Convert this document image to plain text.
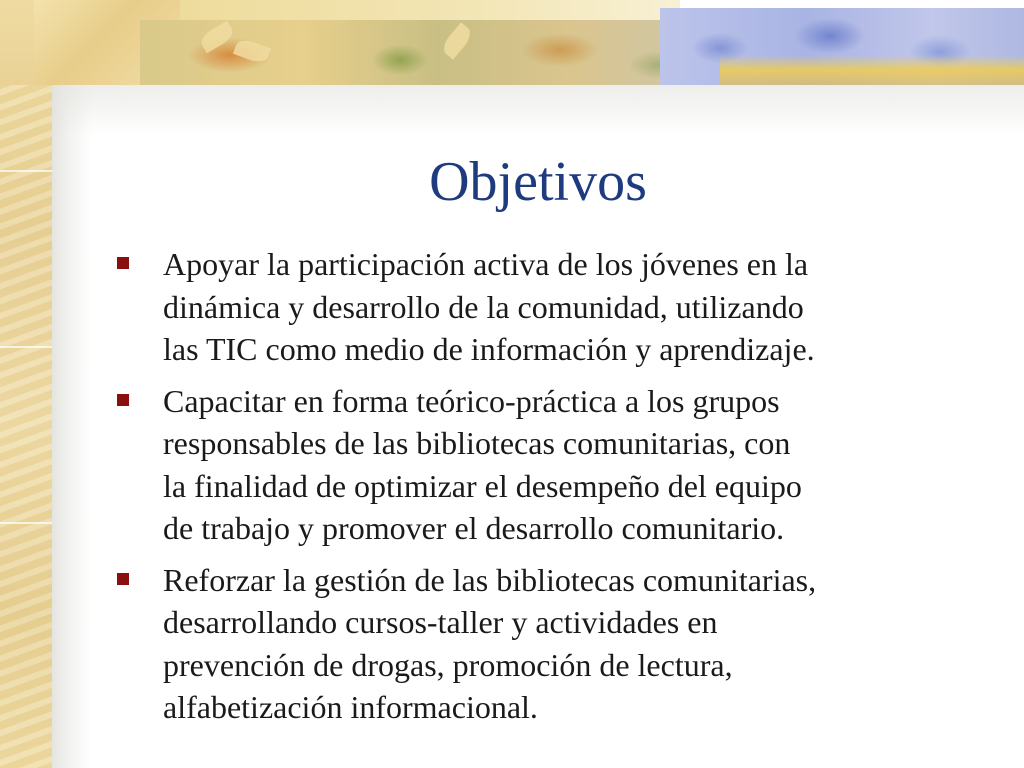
Objetivos
Apoyar la participación activa de los jóvenes en la
dinámica y desarrollo de la comunidad, utilizando
las TIC como medio de información y aprendizaje.
Capacitar en forma teórico-práctica a los grupos
responsables de las bibliotecas comunitarias, con
la finalidad de optimizar el desempeño del equipo
de trabajo y promover el desarrollo comunitario.
Reforzar la gestión de las bibliotecas comunitarias,
desarrollando cursos-taller y actividades en
prevención de drogas, promoción de lectura,
alfabetización informacional.
